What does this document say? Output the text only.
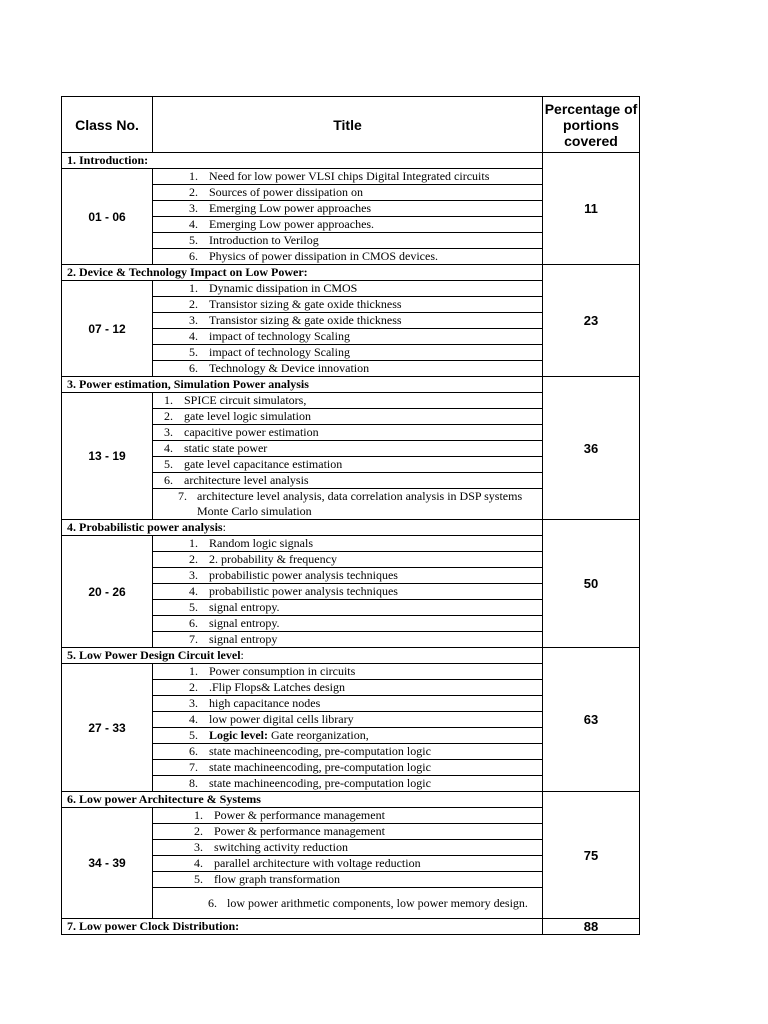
Class No.	Title	Percentage of portions covered
1. Introduction:		11
01 - 06	1. Need for low power VLSI chips Digital Integrated circuits	
	2. Sources of power dissipation on	
	3. Emerging Low power approaches	
	4. Emerging Low power approaches.	
	5. Introduction to Verilog	
	6. Physics of power dissipation in CMOS devices.	
2. Device & Technology Impact on Low Power:		23
07 - 12	1. Dynamic dissipation in CMOS	
	2. Transistor sizing & gate oxide thickness	
	3. Transistor sizing & gate oxide thickness	
	4. impact of technology Scaling	
	5. impact of technology Scaling	
	6. Technology & Device innovation	
3. Power estimation, Simulation Power analysis		36
13 - 19	1. SPICE circuit simulators,	
	2. gate level logic simulation	
	3. capacitive power estimation	
	4. static state power	
	5. gate level capacitance estimation	
	6. architecture level analysis	
	7. architecture level analysis, data correlation analysis in DSP systems Monte Carlo simulation	
4. Probabilistic power analysis:		50
20 - 26	1. Random logic signals	
	2. 2. probability & frequency	
	3. probabilistic power analysis techniques	
	4. probabilistic power analysis techniques	
	5. signal entropy.	
	6. signal entropy.	
	7. signal entropy	
5. Low Power Design Circuit level:		63
27 - 33	1. Power consumption in circuits	
	2. .Flip Flops& Latches design	
	3. high capacitance nodes	
	4. low power digital cells library	
	5. Logic level: Gate reorganization,	
	6. state machineencoding, pre-computation logic	
	7. state machineencoding, pre-computation logic	
	8. state machineencoding, pre-computation logic	
6. Low power Architecture & Systems		75
34 - 39	1. Power & performance management	
	2. Power & performance management	
	3. switching activity reduction	
	4. parallel architecture with voltage reduction	
	5. flow graph transformation	
	6. low power arithmetic components, low power memory design.	
7. Low power Clock Distribution:		88
